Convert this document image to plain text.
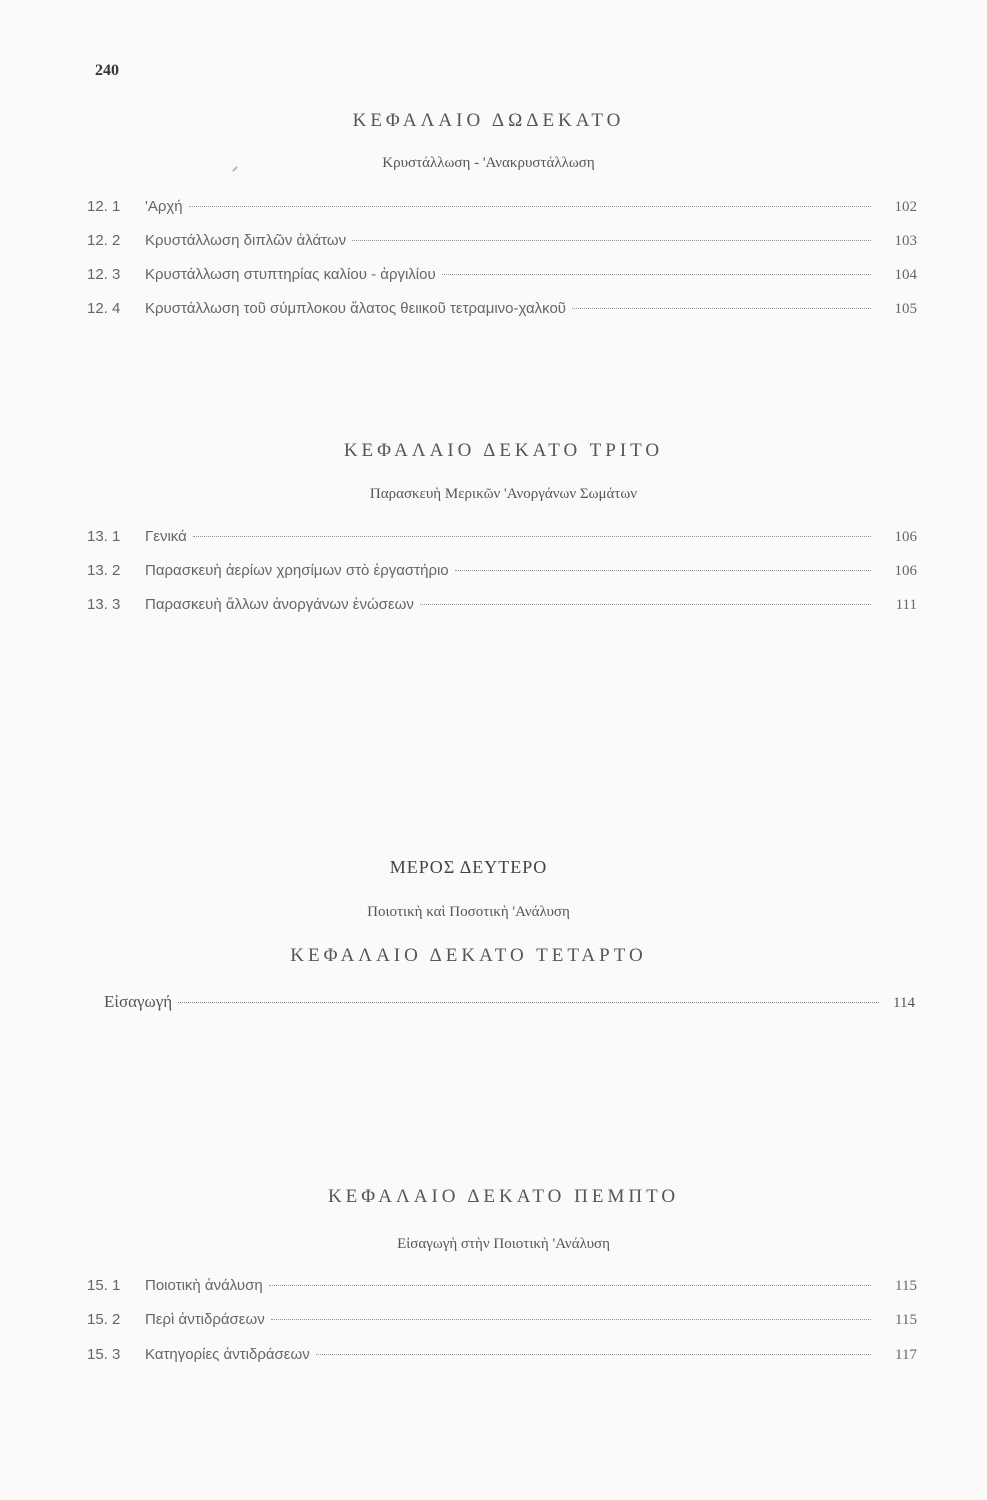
240
ΚΕΦΑΛΑΙΟ ΔΩΔΕΚΑΤΟ
Κρυστάλλωση - 'Ανακρυστάλλωση
12. 1	'Αρχή	102
12. 2	Κρυστάλλωση διπλῶν ἀλάτων	103
12. 3	Κρυστάλλωση στυπτηρίας καλίου - ἀργιλίου	104
12. 4	Κρυστάλλωση τοῦ σύμπλοκου ἅλατος θειικοῦ τετραμινο-χαλκοῦ	105
ΚΕΦΑΛΑΙΟ ΔΕΚΑΤΟ ΤΡΙΤΟ
Παρασκευὴ Μερικῶν 'Ανοργάνων Σωμάτων
13. 1	Γενικά	106
13. 2	Παρασκευὴ ἀερίων χρησίμων στὸ ἐργαστήριο	106
13. 3	Παρασκευὴ ἄλλων ἀνοργάνων ἑνώσεων	111
ΜΕΡΟΣ ΔΕΥΤΕΡΟ
Ποιοτικὴ καὶ Ποσοτικὴ 'Ανάλυση
ΚΕΦΑΛΑΙΟ ΔΕΚΑΤΟ ΤΕΤΑΡΤΟ
Εἰσαγωγή	114
ΚΕΦΑΛΑΙΟ ΔΕΚΑΤΟ ΠΕΜΠΤΟ
Εἰσαγωγὴ στὴν Ποιοτικὴ 'Ανάλυση
15. 1	Ποιοτικὴ ἀνάλυση	115
15. 2	Περὶ ἀντιδράσεων	115
15. 3	Κατηγορίες ἀντιδράσεων	117
